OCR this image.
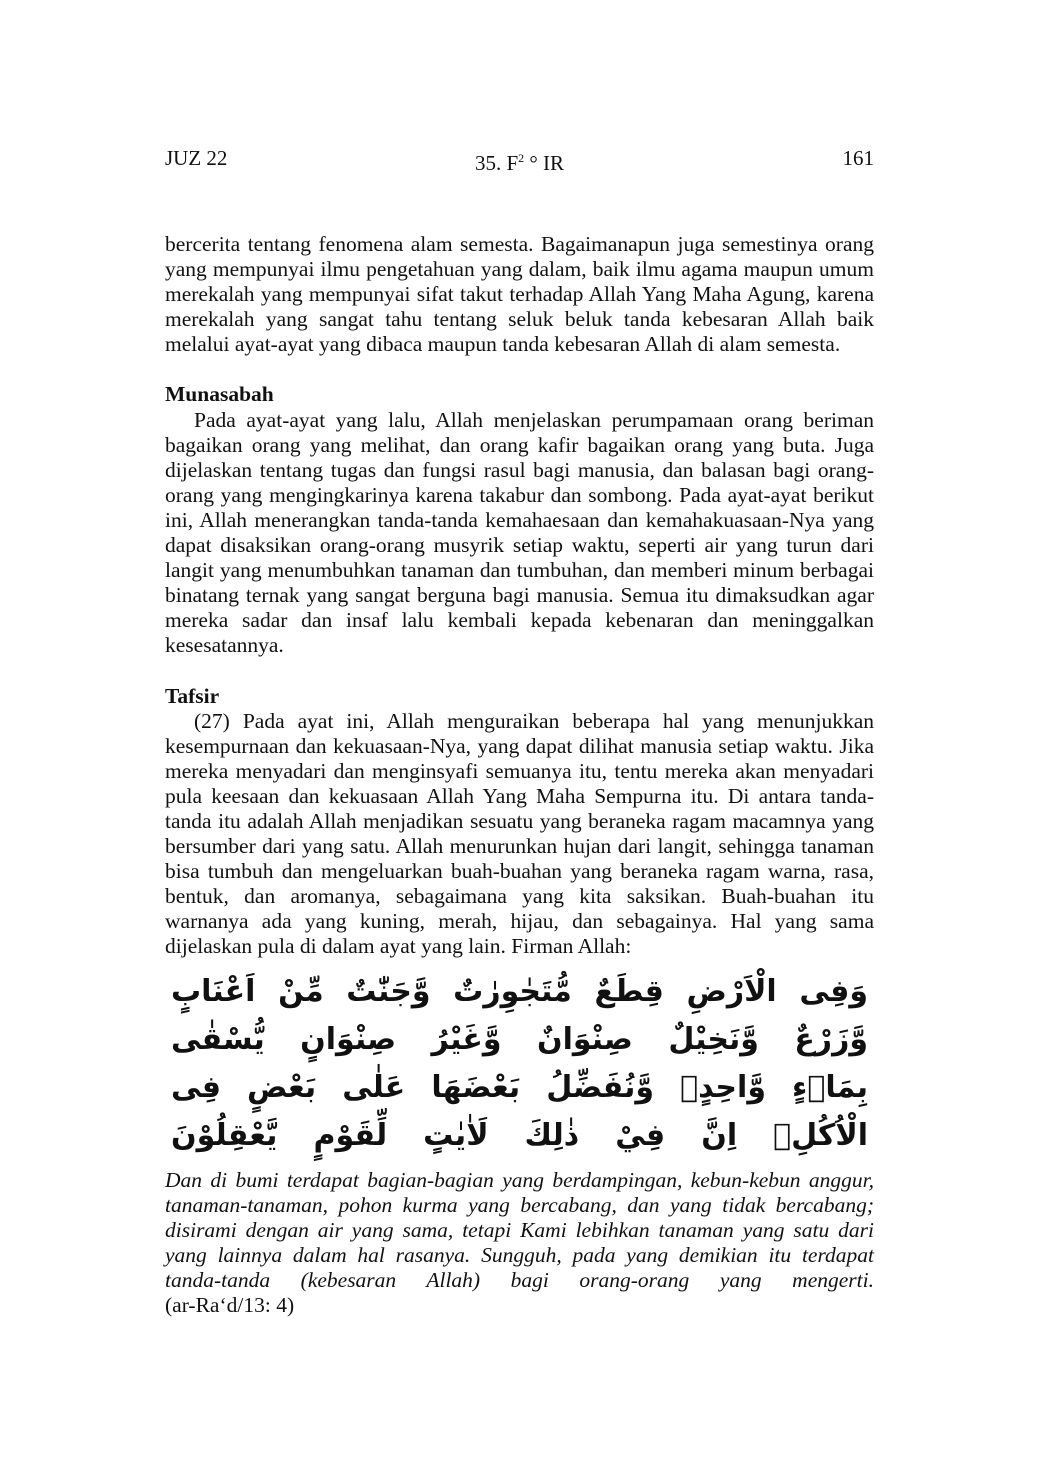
JUZ 22	35. $F^2$ ° IR	161

bercerita tentang fenomena alam semesta. Bagaimanapun juga semestinya orang yang mempunyai ilmu pengetahuan yang dalam, baik ilmu agama maupun umum merekalah yang mempunyai sifat takut terhadap Allah Yang Maha Agung, karena merekalah yang sangat tahu tentang seluk beluk tanda kebesaran Allah baik melalui ayat-ayat yang dibaca maupun tanda kebesaran Allah di alam semesta.

Munasabah

Pada ayat-ayat yang lalu, Allah menjelaskan perumpamaan orang beriman bagaikan orang yang melihat, dan orang kafir bagaikan orang yang buta. Juga dijelaskan tentang tugas dan fungsi rasul bagi manusia, dan balasan bagi orang-orang yang mengingkarinya karena takabur dan sombong. Pada ayat-ayat berikut ini, Allah menerangkan tanda-tanda kemahaesaan dan kemahakuasaan-Nya yang dapat disaksikan orang-orang musyrik setiap waktu, seperti air yang turun dari langit yang menumbuhkan tanaman dan tumbuhan, dan memberi minum berbagai binatang ternak yang sangat berguna bagi manusia. Semua itu dimaksudkan agar mereka sadar dan insaf lalu kembali kepada kebenaran dan meninggalkan kesesatannya.

Tafsir

(27) Pada ayat ini, Allah menguraikan beberapa hal yang menunjukkan kesempurnaan dan kekuasaan-Nya, yang dapat dilihat manusia setiap waktu. Jika mereka menyadari dan menginsyafi semuanya itu, tentu mereka akan menyadari pula keesaan dan kekuasaan Allah Yang Maha Sempurna itu. Di antara tanda-tanda itu adalah Allah menjadikan sesuatu yang beraneka ragam macamnya yang bersumber dari yang satu. Allah menurunkan hujan dari langit, sehingga tanaman bisa tumbuh dan mengeluarkan buah-buahan yang beraneka ragam warna, rasa, bentuk, dan aromanya, sebagaimana yang kita saksikan. Buah-buahan itu warnanya ada yang kuning, merah, hijau, dan sebagainya. Hal yang sama dijelaskan pula di dalam ayat yang lain. Firman Allah:

وَفِى الْاَرْضِ قِطَعٌ مُّتَجٰوِرٰتٌ وَّجَنّٰتٌ مِّنْ اَعْنَابٍ وَّزَرْعٌ وَّنَخِيْلٌ صِنْوَانٌ وَّغَيْرُ صِنْوَانٍ يُّسْقٰى
بِمَاۤءٍ وَّاحِدٍۙ وَّنُفَضِّلُ بَعْضَهَا عَلٰى بَعْضٍ فِى الْاُكُلِۗ اِنَّ فِيْ ذٰلِكَ لَاٰيٰتٍ لِّقَوْمٍ يَّعْقِلُوْنَ

Dan di bumi terdapat bagian-bagian yang berdampingan, kebun-kebun anggur, tanaman-tanaman, pohon kurma yang bercabang, dan yang tidak bercabang; disirami dengan air yang sama, tetapi Kami lebihkan tanaman yang satu dari yang lainnya dalam hal rasanya. Sungguh, pada yang demikian itu terdapat tanda-tanda (kebesaran Allah) bagi orang-orang yang mengerti.

(ar-Ra‘d/13: 4)
